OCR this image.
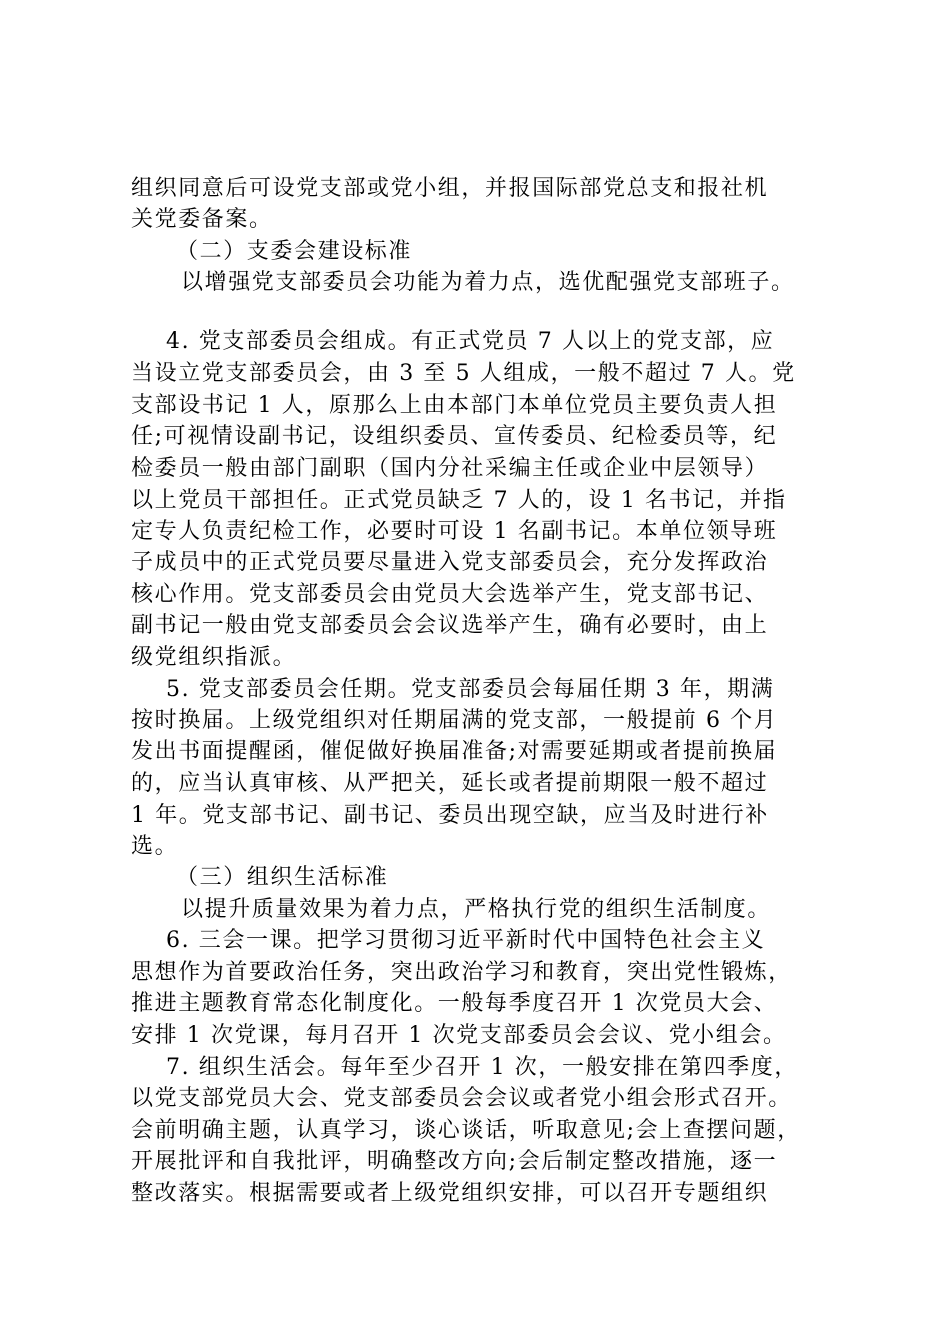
组织同意后可设党支部或党小组，并报国际部党总支和报社机

关党委备案。

（二）支委会建设标准

以增强党支部委员会功能为着力点，选优配强党支部班子。

4. 党支部委员会组成。有正式党员 7 人以上的党支部，应

当设立党支部委员会，由 3 至 5 人组成，一般不超过 7 人。党

支部设书记 1 人，原那么上由本部门本单位党员主要负责人担

任;可视情设副书记，设组织委员、宣传委员、纪检委员等，纪

检委员一般由部门副职（国内分社采编主任或企业中层领导）

以上党员干部担任。正式党员缺乏 7 人的，设 1 名书记，并指

定专人负责纪检工作，必要时可设 1 名副书记。本单位领导班

子成员中的正式党员要尽量进入党支部委员会，充分发挥政治

核心作用。党支部委员会由党员大会选举产生，党支部书记、

副书记一般由党支部委员会会议选举产生，确有必要时，由上

级党组织指派。

5. 党支部委员会任期。党支部委员会每届任期 3 年，期满

按时换届。上级党组织对任期届满的党支部，一般提前 6 个月

发出书面提醒函，催促做好换届准备;对需要延期或者提前换届

的，应当认真审核、从严把关，延长或者提前期限一般不超过

1 年。党支部书记、副书记、委员出现空缺，应当及时进行补

选。

（三）组织生活标准

以提升质量效果为着力点，严格执行党的组织生活制度。

6. 三会一课。把学习贯彻习近平新时代中国特色社会主义

思想作为首要政治任务，突出政治学习和教育，突出党性锻炼，

推进主题教育常态化制度化。一般每季度召开 1 次党员大会、

安排 1 次党课，每月召开 1 次党支部委员会会议、党小组会。

7. 组织生活会。每年至少召开 1 次，一般安排在第四季度，

以党支部党员大会、党支部委员会会议或者党小组会形式召开。

会前明确主题，认真学习，谈心谈话，听取意见;会上查摆问题，

开展批评和自我批评，明确整改方向;会后制定整改措施，逐一

整改落实。根据需要或者上级党组织安排，可以召开专题组织
